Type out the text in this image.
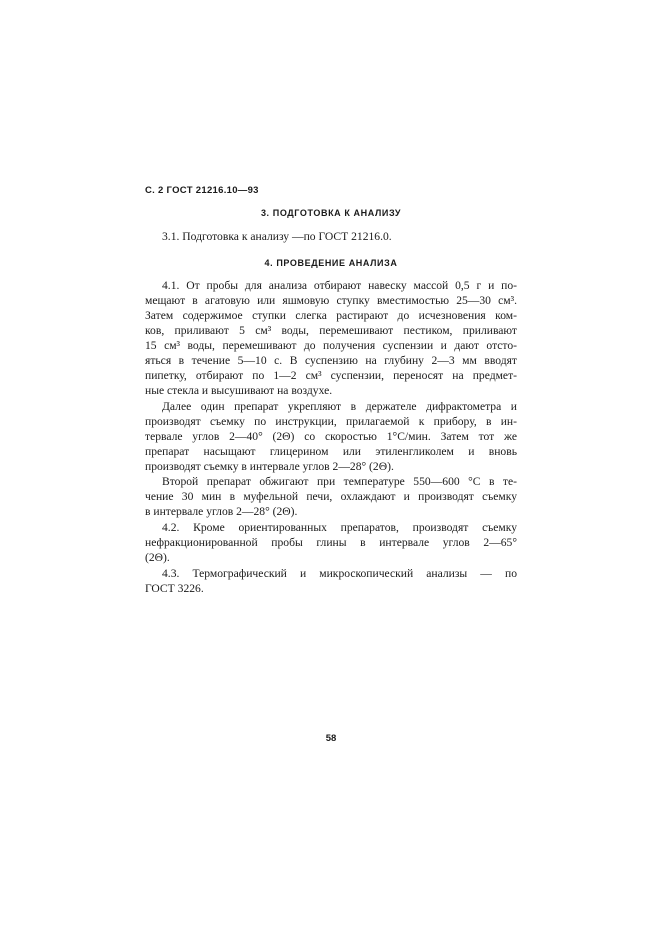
С. 2 ГОСТ 21216.10—93
3. ПОДГОТОВКА К АНАЛИЗУ
3.1. Подготовка к анализу —по ГОСТ 21216.0.
4. ПРОВЕДЕНИЕ АНАЛИЗА
4.1. От пробы для анализа отбирают навеску массой 0,5 г и по-
мещают в агатовую или яшмовую ступку вместимостью 25—30 см³.
Затем содержимое ступки слегка растирают до исчезновения ком-
ков, приливают 5 см³ воды, перемешивают пестиком, приливают
15 см³ воды, перемешивают до получения суспензии и дают отсто-
яться в течение 5—10 с. В суспензию на глубину 2—3 мм вводят
пипетку, отбирают по 1—2 см³ суспензии, переносят на предмет-
ные стекла и высушивают на воздухе.
Далее один препарат укрепляют в держателе дифрактометра и
производят съемку по инструкции, прилагаемой к прибору, в ин-
тервале углов 2—40° (2Θ) со скоростью 1°С/мин. Затем тот же
препарат насыщают глицерином или этиленгликолем и вновь
производят съемку в интервале углов 2—28° (2Θ).
Второй препарат обжигают при температуре 550—600 °С в те-
чение 30 мин в муфельной печи, охлаждают и производят съемку
в интервале углов 2—28° (2Θ).
4.2. Кроме ориентированных препаратов, производят съемку
нефракционированной пробы глины в интервале углов 2—65°
(2Θ).
4.3. Термографический и микроскопический анализы — по
ГОСТ 3226.
58
